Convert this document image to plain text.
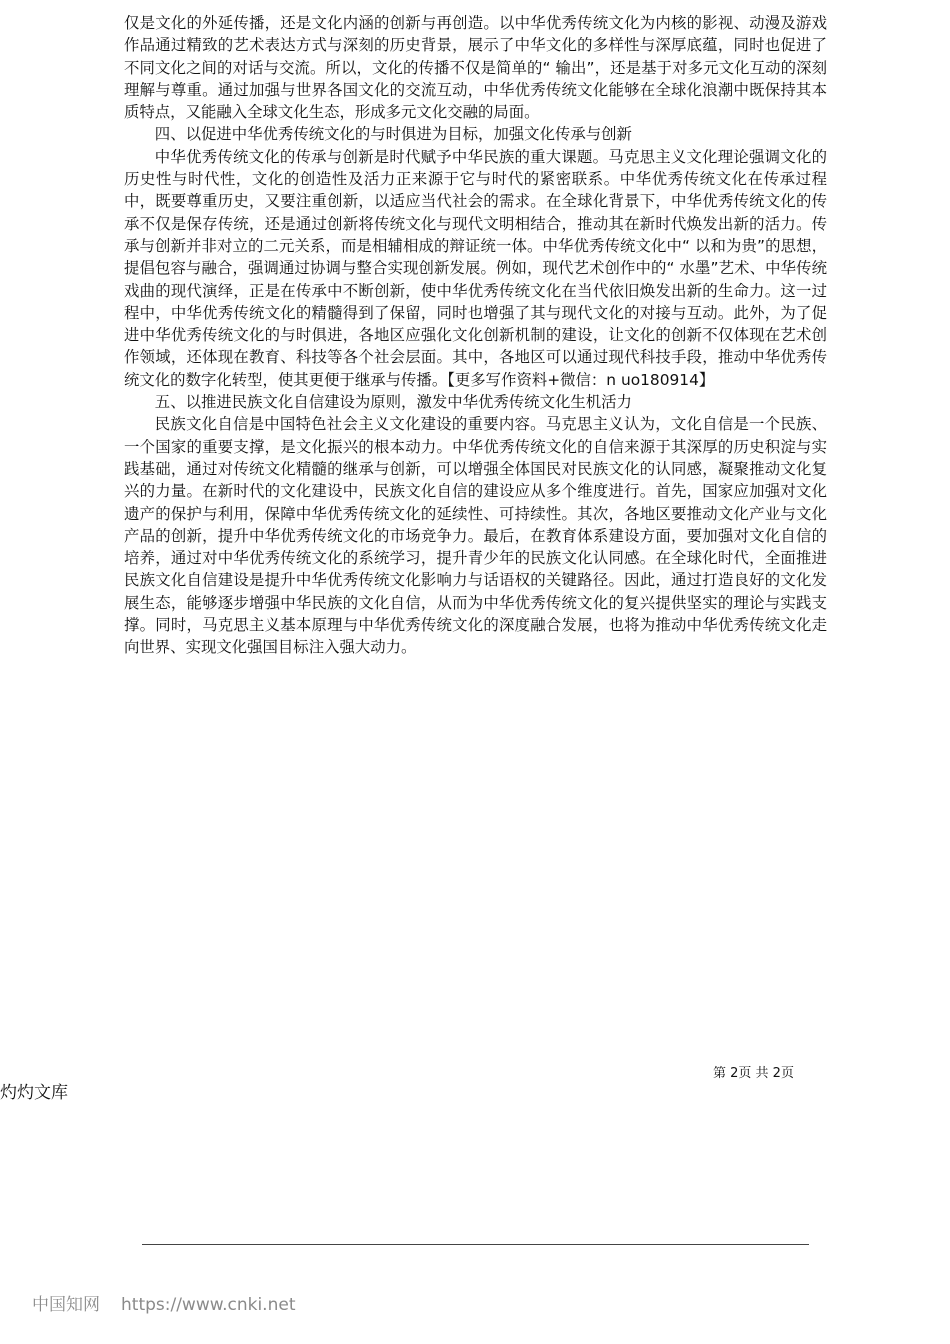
仅是文化的外延传播，还是文化内涵的创新与再创造。以中华优秀传统文化为内核的影视、动漫及游戏作品通过精致的艺术表达方式与深刻的历史背景，展示了中华文化的多样性与深厚底蕴，同时也促进了不同文化之间的对话与交流。所以，文化的传播不仅是简单的“ 输出”，还是基于对多元文化互动的深刻理解与尊重。通过加强与世界各国文化的交流互动，中华优秀传统文化能够在全球化浪潮中既保持其本质特点，又能融入全球文化生态，形成多元文化交融的局面。

四、以促进中华优秀传统文化的与时俱进为目标，加强文化传承与创新

中华优秀传统文化的传承与创新是时代赋予中华民族的重大课题。马克思主义文化理论强调文化的历史性与时代性，文化的创造性及活力正来源于它与时代的紧密联系。中华优秀传统文化在传承过程中，既要尊重历史，又要注重创新，以适应当代社会的需求。在全球化背景下，中华优秀传统文化的传承不仅是保存传统，还是通过创新将传统文化与现代文明相结合，推动其在新时代焕发出新的活力。传承与创新并非对立的二元关系，而是相辅相成的辩证统一体。中华优秀传统文化中“ 以和为贵”的思想，提倡包容与融合，强调通过协调与整合实现创新发展。例如，现代艺术创作中的“ 水墨”艺术、中华传统戏曲的现代演绎，正是在传承中不断创新，使中华优秀传统文化在当代依旧焕发出新的生命力。这一过程中，中华优秀传统文化的精髓得到了保留，同时也增强了其与现代文化的对接与互动。此外，为了促进中华优秀传统文化的与时俱进，各地区应强化文化创新机制的建设，让文化的创新不仅体现在艺术创作领域，还体现在教育、科技等各个社会层面。其中，各地区可以通过现代科技手段，推动中华优秀传统文化的数字化转型，使其更便于继承与传播。【更多写作资料+微信：n uo180914】

五、以推进民族文化自信建设为原则，激发中华优秀传统文化生机活力

民族文化自信是中国特色社会主义文化建设的重要内容。马克思主义认为，文化自信是一个民族、一个国家的重要支撑，是文化振兴的根本动力。中华优秀传统文化的自信来源于其深厚的历史积淀与实践基础，通过对传统文化精髓的继承与创新，可以增强全体国民对民族文化的认同感，凝聚推动文化复兴的力量。在新时代的文化建设中，民族文化自信的建设应从多个维度进行。首先，国家应加强对文化遗产的保护与利用，保障中华优秀传统文化的延续性、可持续性。其次，各地区要推动文化产业与文化产品的创新，提升中华优秀传统文化的市场竞争力。最后，在教育体系建设方面，要加强对文化自信的培养，通过对中华优秀传统文化的系统学习，提升青少年的民族文化认同感。在全球化时代，全面推进民族文化自信建设是提升中华优秀传统文化影响力与话语权的关键路径。因此，通过打造良好的文化发展生态，能够逐步增强中华民族的文化自信，从而为中华优秀传统文化的复兴提供坚实的理论与实践支撑。同时，马克思主义基本原理与中华优秀传统文化的深度融合发展，也将为推动中华优秀传统文化走向世界、实现文化强国目标注入强大动力。

第 2页 共 2页
灼灼文库
中国知网 https://www.cnki.net
